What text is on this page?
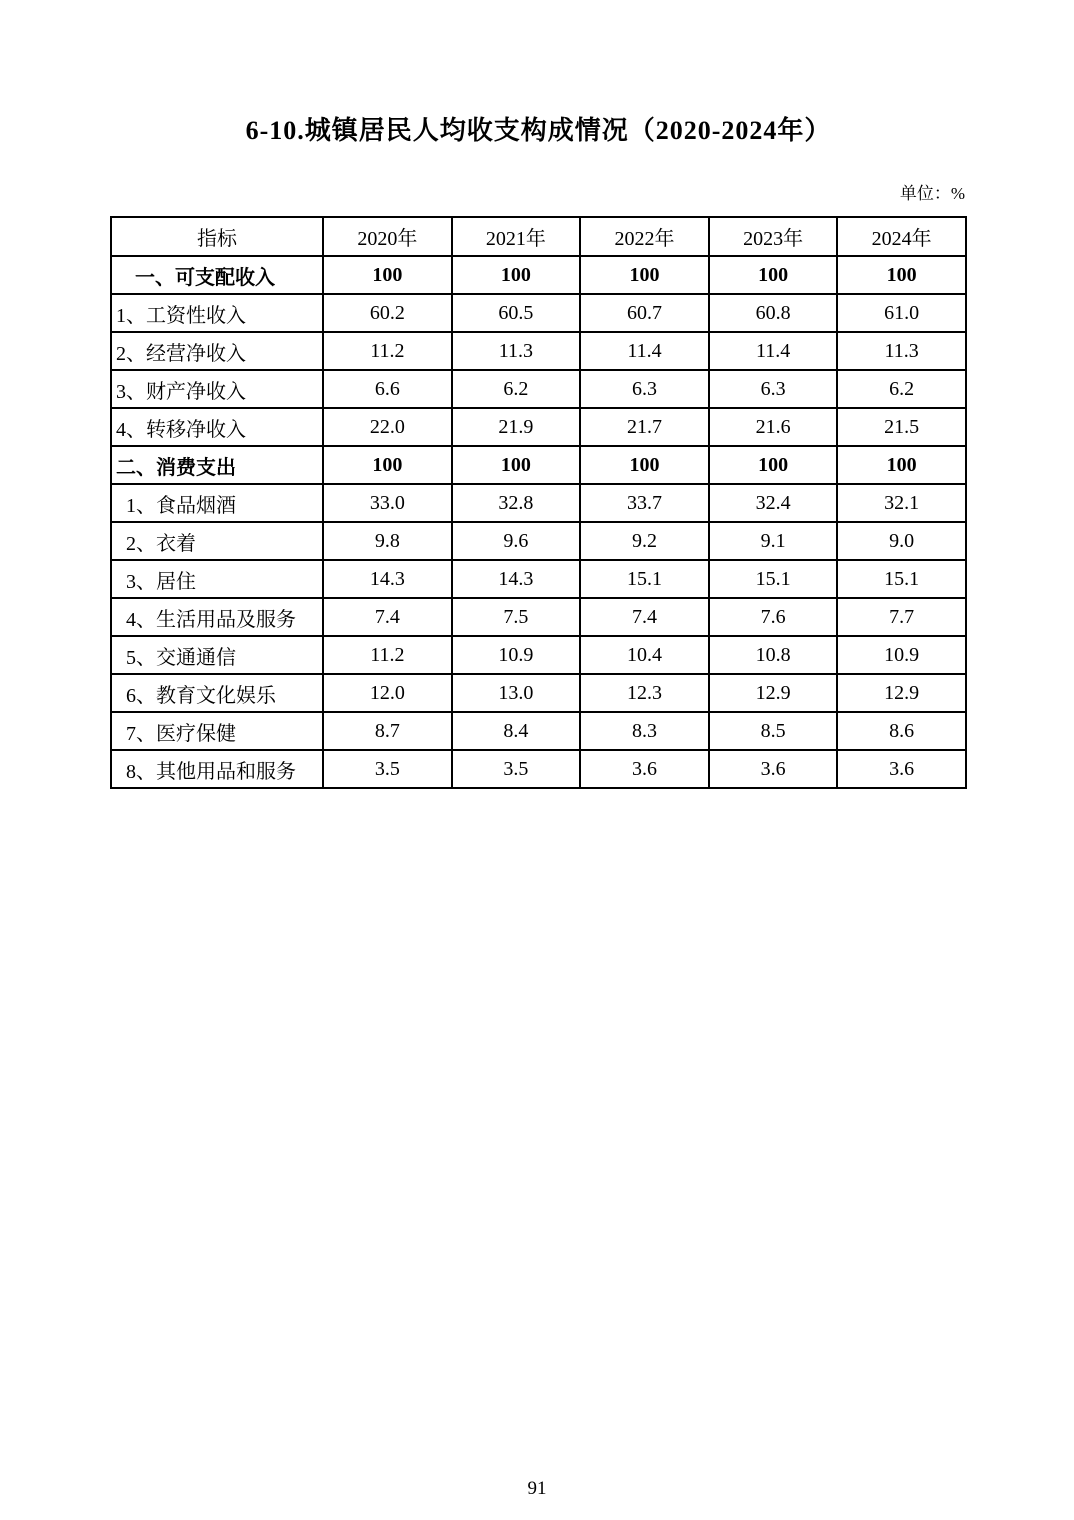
6-10.城镇居民人均收支构成情况（2020-2024年）
单位：%
指标	2020年	2021年	2022年	2023年	2024年
一、可支配收入	100	100	100	100	100
1、工资性收入	60.2	60.5	60.7	60.8	61.0
2、经营净收入	11.2	11.3	11.4	11.4	11.3
3、财产净收入	6.6	6.2	6.3	6.3	6.2
4、转移净收入	22.0	21.9	21.7	21.6	21.5
二、消费支出	100	100	100	100	100
1、食品烟酒	33.0	32.8	33.7	32.4	32.1
2、衣着	9.8	9.6	9.2	9.1	9.0
3、居住	14.3	14.3	15.1	15.1	15.1
4、生活用品及服务	7.4	7.5	7.4	7.6	7.7
5、交通通信	11.2	10.9	10.4	10.8	10.9
6、教育文化娱乐	12.0	13.0	12.3	12.9	12.9
7、医疗保健	8.7	8.4	8.3	8.5	8.6
8、其他用品和服务	3.5	3.5	3.6	3.6	3.6
91
